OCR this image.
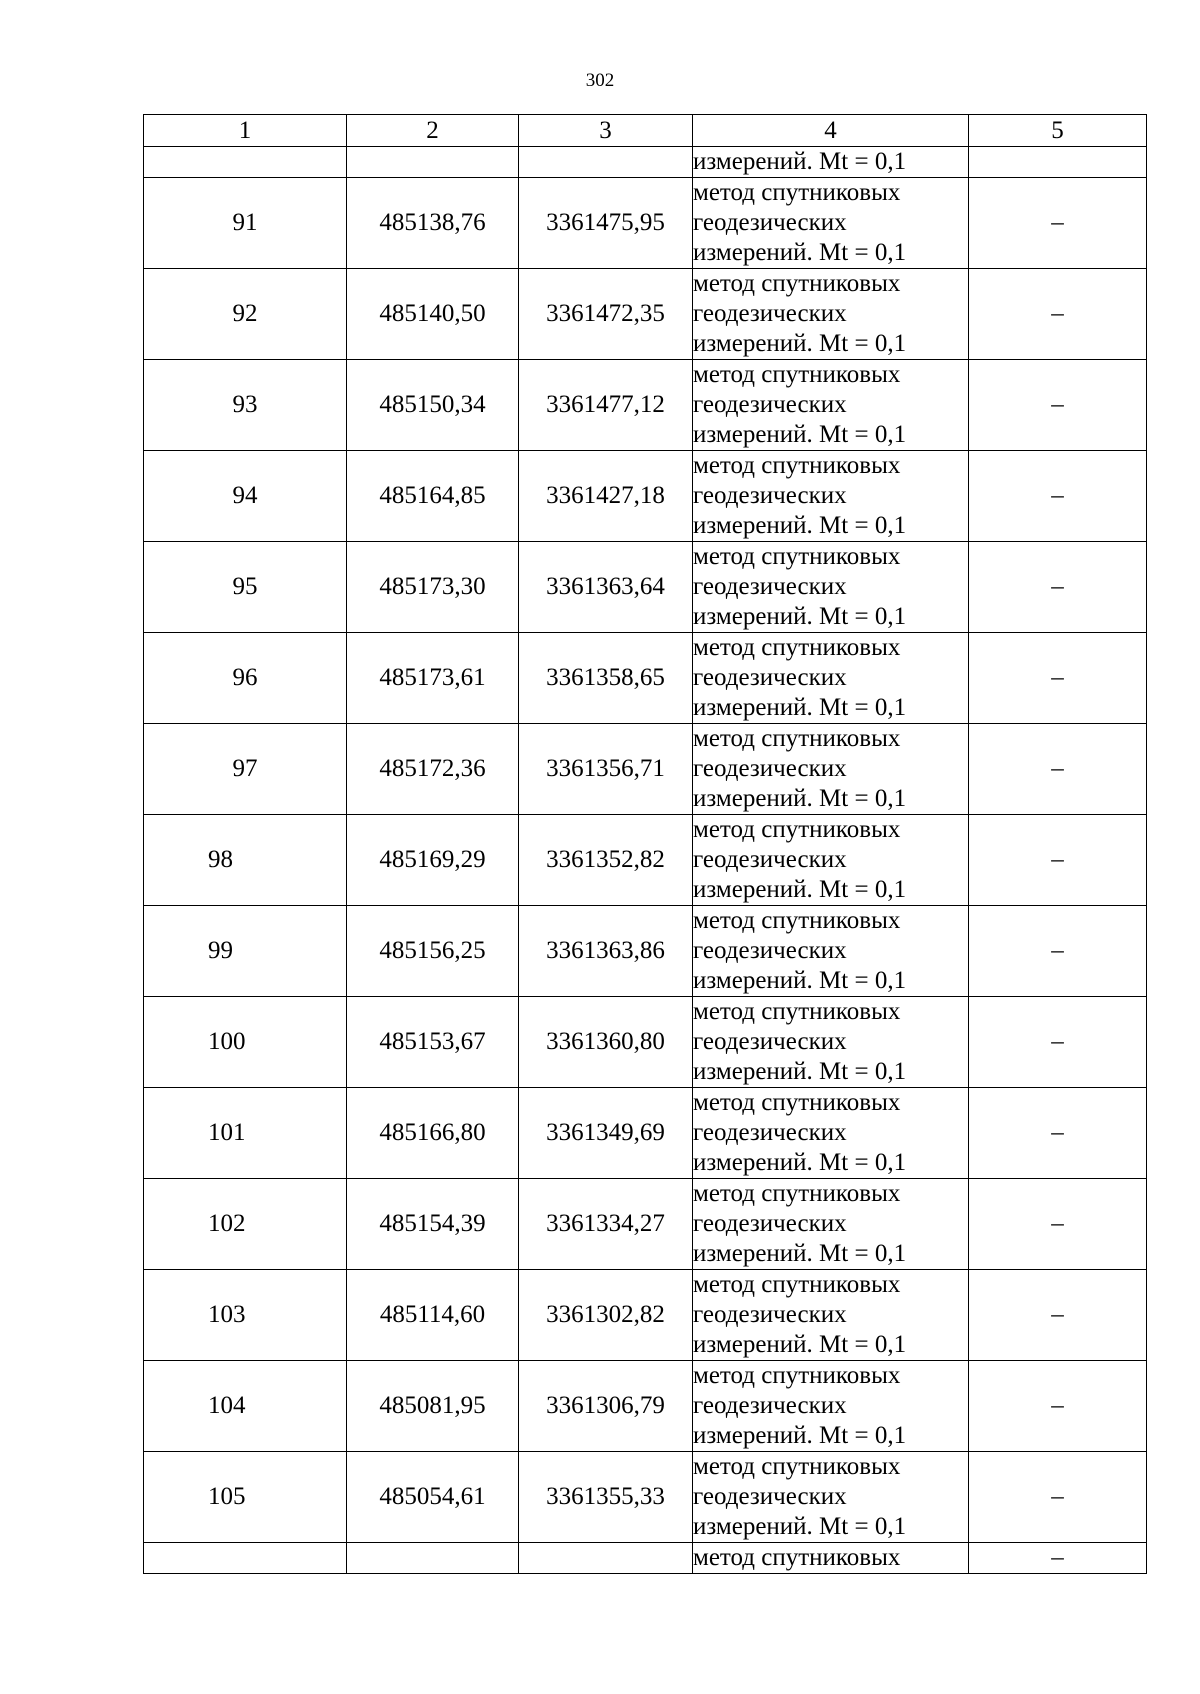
302
1	2	3	4	5
			измерений. Mt = 0,1	
91	485138,76	3361475,95	метод спутниковых геодезических измерений. Mt = 0,1	–
92	485140,50	3361472,35	метод спутниковых геодезических измерений. Mt = 0,1	–
93	485150,34	3361477,12	метод спутниковых геодезических измерений. Mt = 0,1	–
94	485164,85	3361427,18	метод спутниковых геодезических измерений. Mt = 0,1	–
95	485173,30	3361363,64	метод спутниковых геодезических измерений. Mt = 0,1	–
96	485173,61	3361358,65	метод спутниковых геодезических измерений. Mt = 0,1	–
97	485172,36	3361356,71	метод спутниковых геодезических измерений. Mt = 0,1	–
98	485169,29	3361352,82	метод спутниковых геодезических измерений. Mt = 0,1	–
99	485156,25	3361363,86	метод спутниковых геодезических измерений. Mt = 0,1	–
100	485153,67	3361360,80	метод спутниковых геодезических измерений. Mt = 0,1	–
101	485166,80	3361349,69	метод спутниковых геодезических измерений. Mt = 0,1	–
102	485154,39	3361334,27	метод спутниковых геодезических измерений. Mt = 0,1	–
103	485114,60	3361302,82	метод спутниковых геодезических измерений. Mt = 0,1	–
104	485081,95	3361306,79	метод спутниковых геодезических измерений. Mt = 0,1	–
105	485054,61	3361355,33	метод спутниковых геодезических измерений. Mt = 0,1	–
			метод спутниковых	–
